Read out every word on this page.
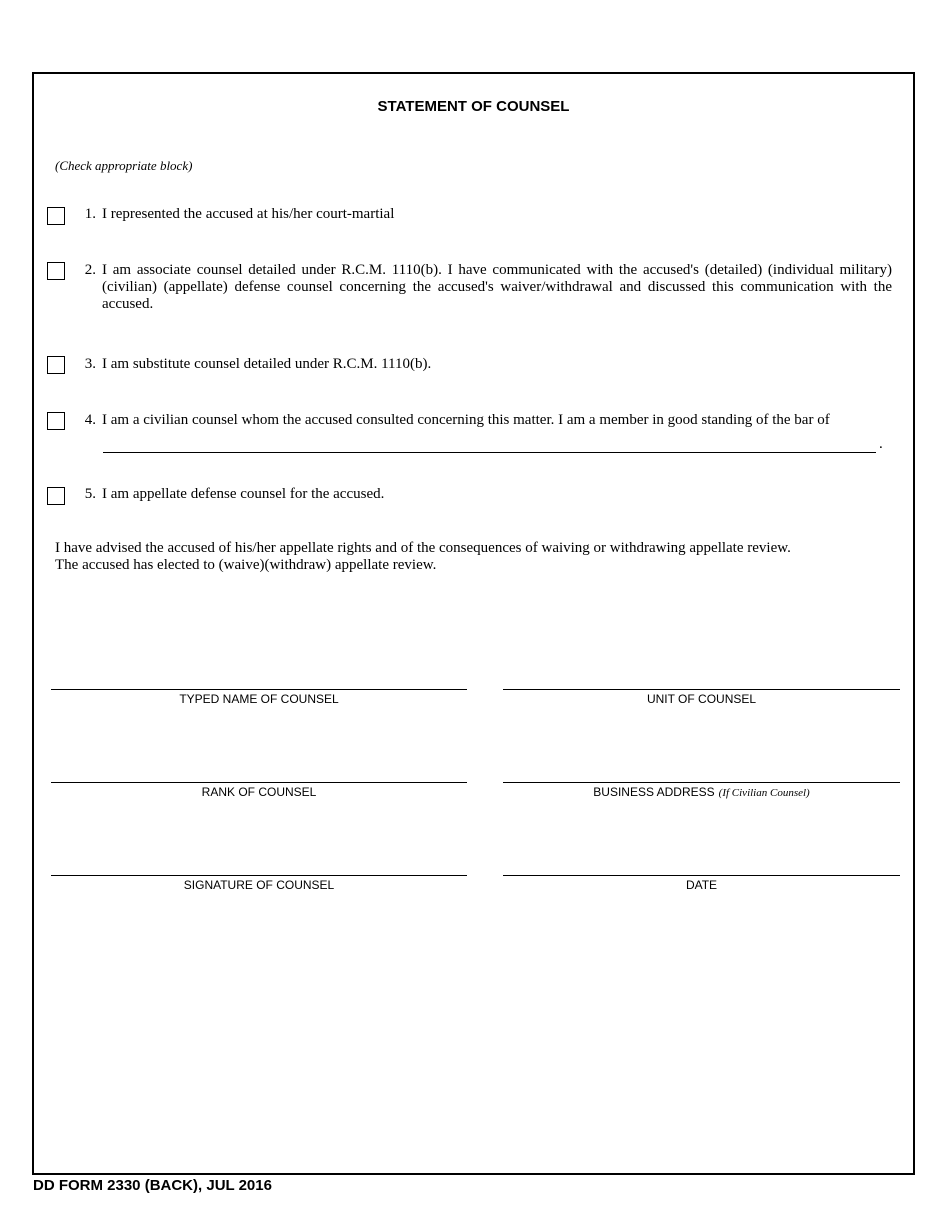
STATEMENT OF COUNSEL
(Check appropriate block)
1. I represented the accused at his/her court-martial
2. I am associate counsel detailed under R.C.M. 1110(b). I have communicated with the accused's (detailed) (individual military) (civilian) (appellate) defense counsel concerning the accused's waiver/withdrawal and discussed this communication with the accused.
3. I am substitute counsel detailed under R.C.M. 1110(b).
4. I am a civilian counsel whom the accused consulted concerning this matter. I am a member in good standing of the bar of
.
5. I am appellate defense counsel for the accused.
I have advised the accused of his/her appellate rights and of the consequences of waiving or withdrawing appellate review.
The accused has elected to (waive)(withdraw) appellate review.
TYPED NAME OF COUNSEL	UNIT OF COUNSEL
RANK OF COUNSEL	BUSINESS ADDRESS (If Civilian Counsel)
SIGNATURE OF COUNSEL	DATE
DD FORM 2330 (BACK), JUL 2016
